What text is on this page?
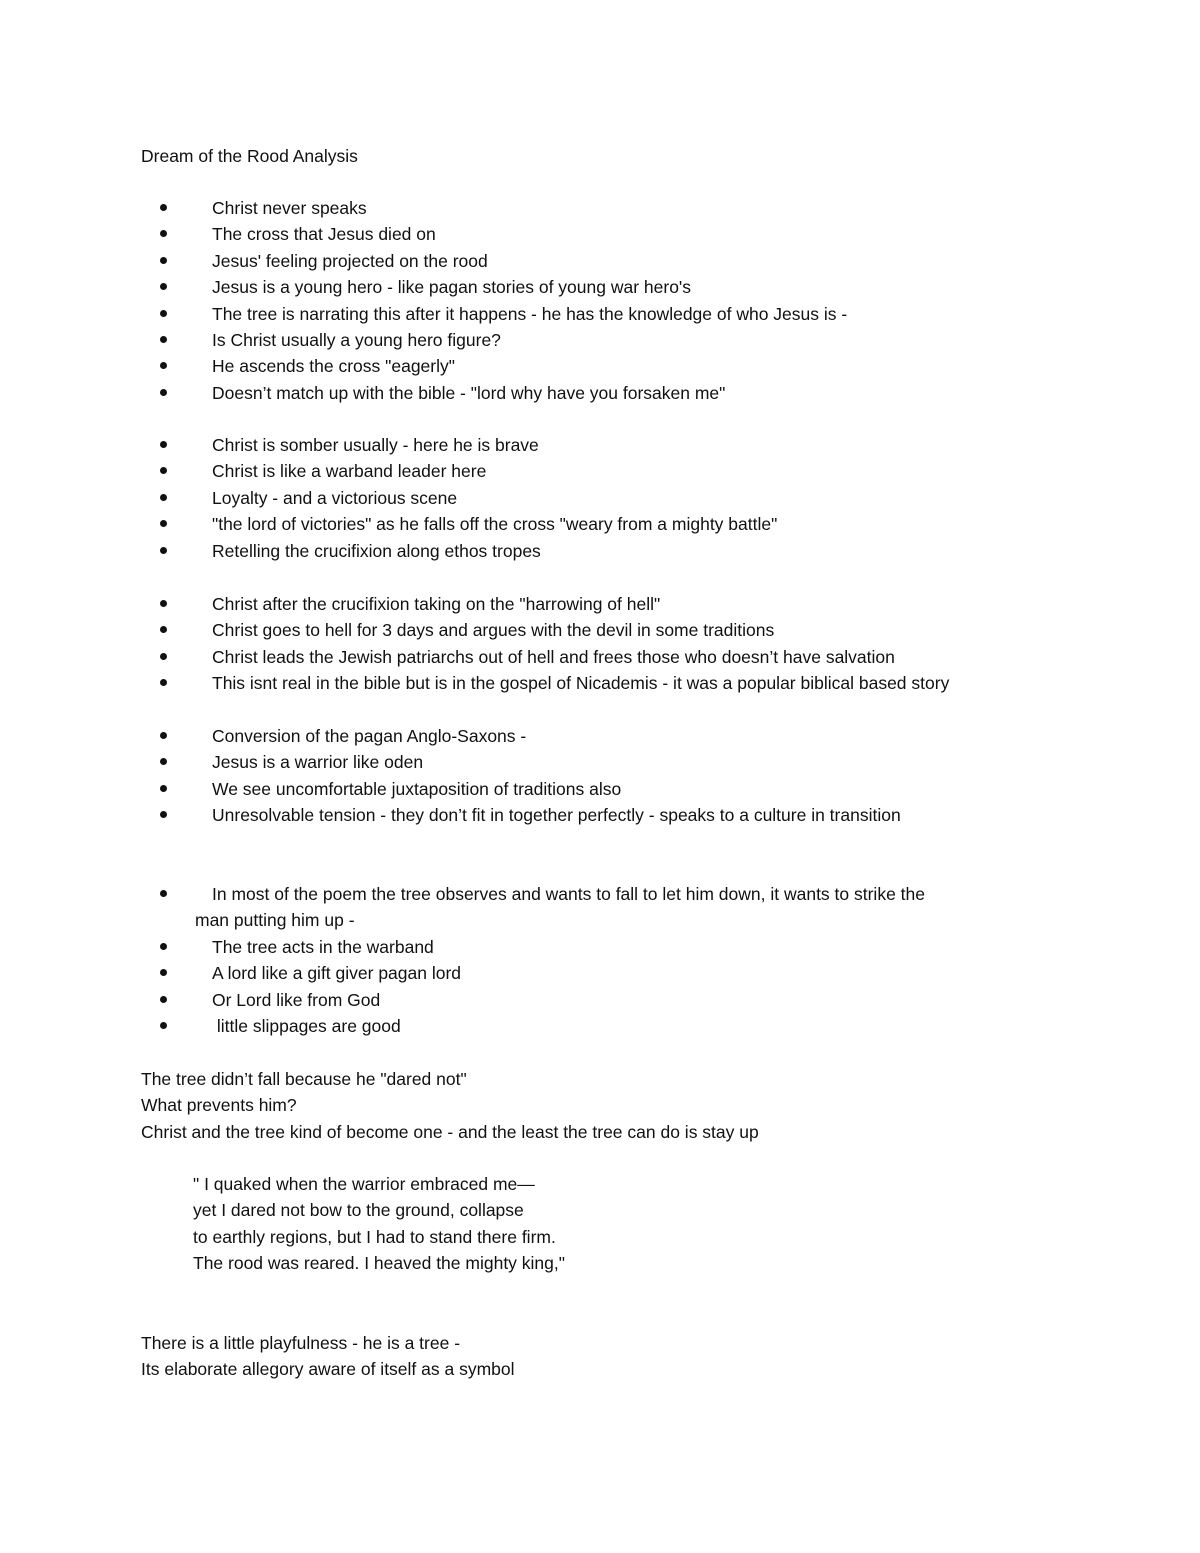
Dream of the Rood Analysis
Christ never speaks
The cross that Jesus died on
Jesus' feeling projected on the rood
Jesus is a young hero - like pagan stories of young war hero's
The tree is narrating this after it happens - he has the knowledge of who Jesus is -
Is Christ usually a young hero figure?
He ascends the cross "eagerly"
Doesn’t match up with the bible - "lord why have you forsaken me"
Christ is somber usually - here he is brave
Christ is like a warband leader here
Loyalty - and a victorious scene
"the lord of victories" as he falls off the cross "weary from a mighty battle"
Retelling the crucifixion along ethos tropes
Christ after the crucifixion taking on the "harrowing of hell"
Christ goes to hell for 3 days and argues with the devil in some traditions
Christ leads the Jewish patriarchs out of hell and frees those who doesn’t have salvation
This isnt real in the bible but is in the gospel of Nicademis - it was a popular biblical based story
Conversion of the pagan Anglo-Saxons -
Jesus is a warrior like oden
We see uncomfortable juxtaposition of traditions also
Unresolvable tension - they don’t fit in together perfectly - speaks to a culture in transition
In most of the poem the tree observes and wants to fall to let him down, it wants to strike the
man putting him up -
The tree acts in the warband
A lord like a gift giver pagan lord
Or Lord like from God
little slippages are good
The tree didn’t fall because he "dared not"
What prevents him?
Christ and the tree kind of become one - and the least the tree can do is stay up
" I quaked when the warrior embraced me—
yet I dared not bow to the ground, collapse
to earthly regions, but I had to stand there firm.
The rood was reared. I heaved the mighty king,"
There is a little playfulness - he is a tree -
Its elaborate allegory aware of itself as a symbol
